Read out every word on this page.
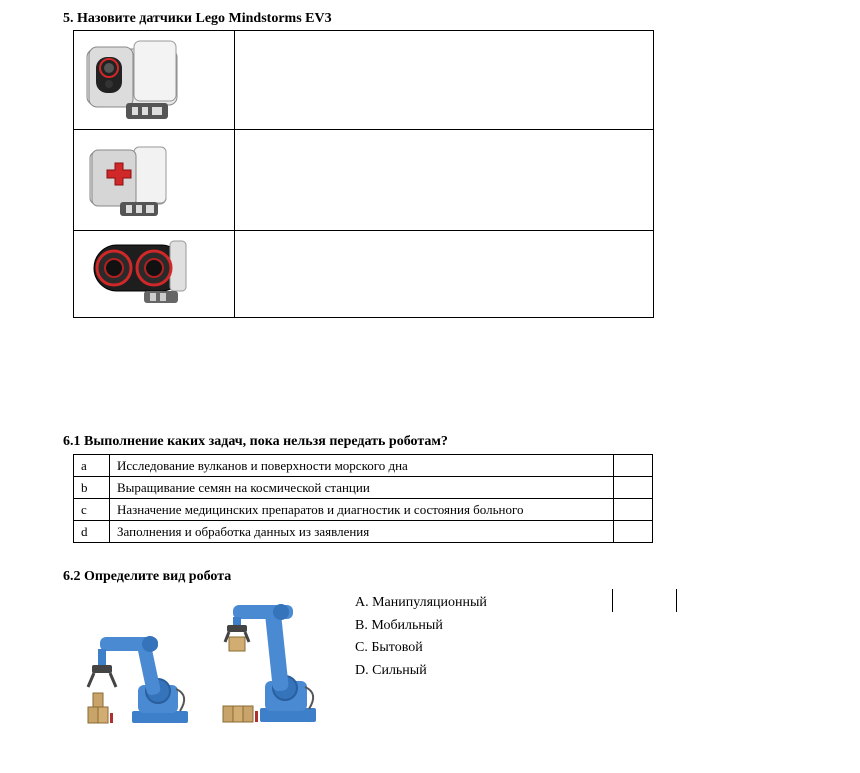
5. Назовите датчики Lego Mindstorms EV3

6.1 Выполнение каких задач, пока нельзя передать роботам?
a	Исследование вулканов и поверхности морского дна	
b	Выращивание семян на космической станции	
c	Назначение медицинских препаратов и диагностик и состояния больного	
d	Заполнения и обработка данных из заявления	
6.2 Определите вид робота
A. Манипуляционный
B. Мобильный
C. Бытовой
D. Сильный
